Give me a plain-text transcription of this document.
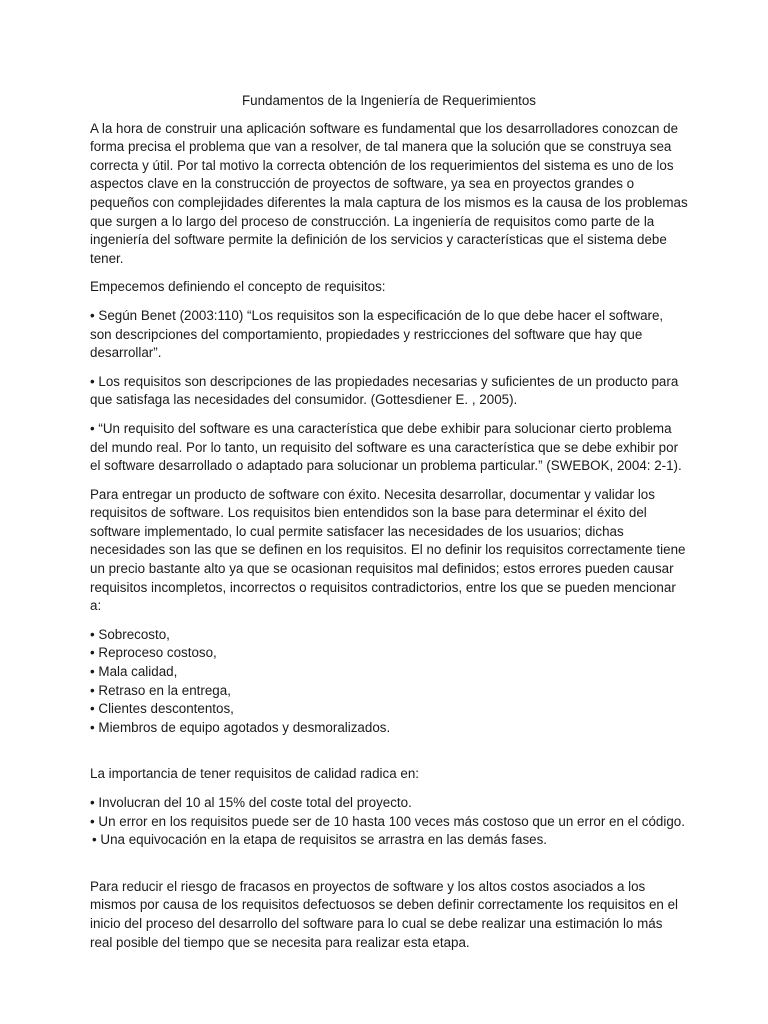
Fundamentos de la Ingeniería de Requerimientos

A la hora de construir una aplicación software es fundamental que los desarrolladores conozcan de forma precisa el problema que van a resolver, de tal manera que la solución que se construya sea correcta y útil. Por tal motivo la correcta obtención de los requerimientos del sistema es uno de los aspectos clave en la construcción de proyectos de software, ya sea en proyectos grandes o pequeños con complejidades diferentes la mala captura de los mismos es la causa de los problemas que surgen a lo largo del proceso de construcción. La ingeniería de requisitos como parte de la ingeniería del software permite la definición de los servicios y características que el sistema debe tener.

Empecemos definiendo el concepto de requisitos:

• Según Benet (2003:110) “Los requisitos son la especificación de lo que debe hacer el software, son descripciones del comportamiento, propiedades y restricciones del software que hay que desarrollar”.

• Los requisitos son descripciones de las propiedades necesarias y suficientes de un producto para que satisfaga las necesidades del consumidor. (Gottesdiener E. , 2005).

• “Un requisito del software es una característica que debe exhibir para solucionar cierto problema del mundo real. Por lo tanto, un requisito del software es una característica que se debe exhibir por el software desarrollado o adaptado para solucionar un problema particular.” (SWEBOK, 2004: 2-1).

Para entregar un producto de software con éxito. Necesita desarrollar, documentar y validar los requisitos de software. Los requisitos bien entendidos son la base para determinar el éxito del software implementado, lo cual permite satisfacer las necesidades de los usuarios; dichas necesidades son las que se definen en los requisitos. El no definir los requisitos correctamente tiene un precio bastante alto ya que se ocasionan requisitos mal definidos; estos errores pueden causar requisitos incompletos, incorrectos o requisitos contradictorios, entre los que se pueden mencionar a:

• Sobrecosto,
• Reproceso costoso,
• Mala calidad,
• Retraso en la entrega,
• Clientes descontentos,
• Miembros de equipo agotados y desmoralizados.

La importancia de tener requisitos de calidad radica en:

• Involucran del 10 al 15% del coste total del proyecto.
• Un error en los requisitos puede ser de 10 hasta 100 veces más costoso que un error en el código.
• Una equivocación en la etapa de requisitos se arrastra en las demás fases.

Para reducir el riesgo de fracasos en proyectos de software y los altos costos asociados a los mismos por causa de los requisitos defectuosos se deben definir correctamente los requisitos en el inicio del proceso del desarrollo del software para lo cual se debe realizar una estimación lo más real posible del tiempo que se necesita para realizar esta etapa.
